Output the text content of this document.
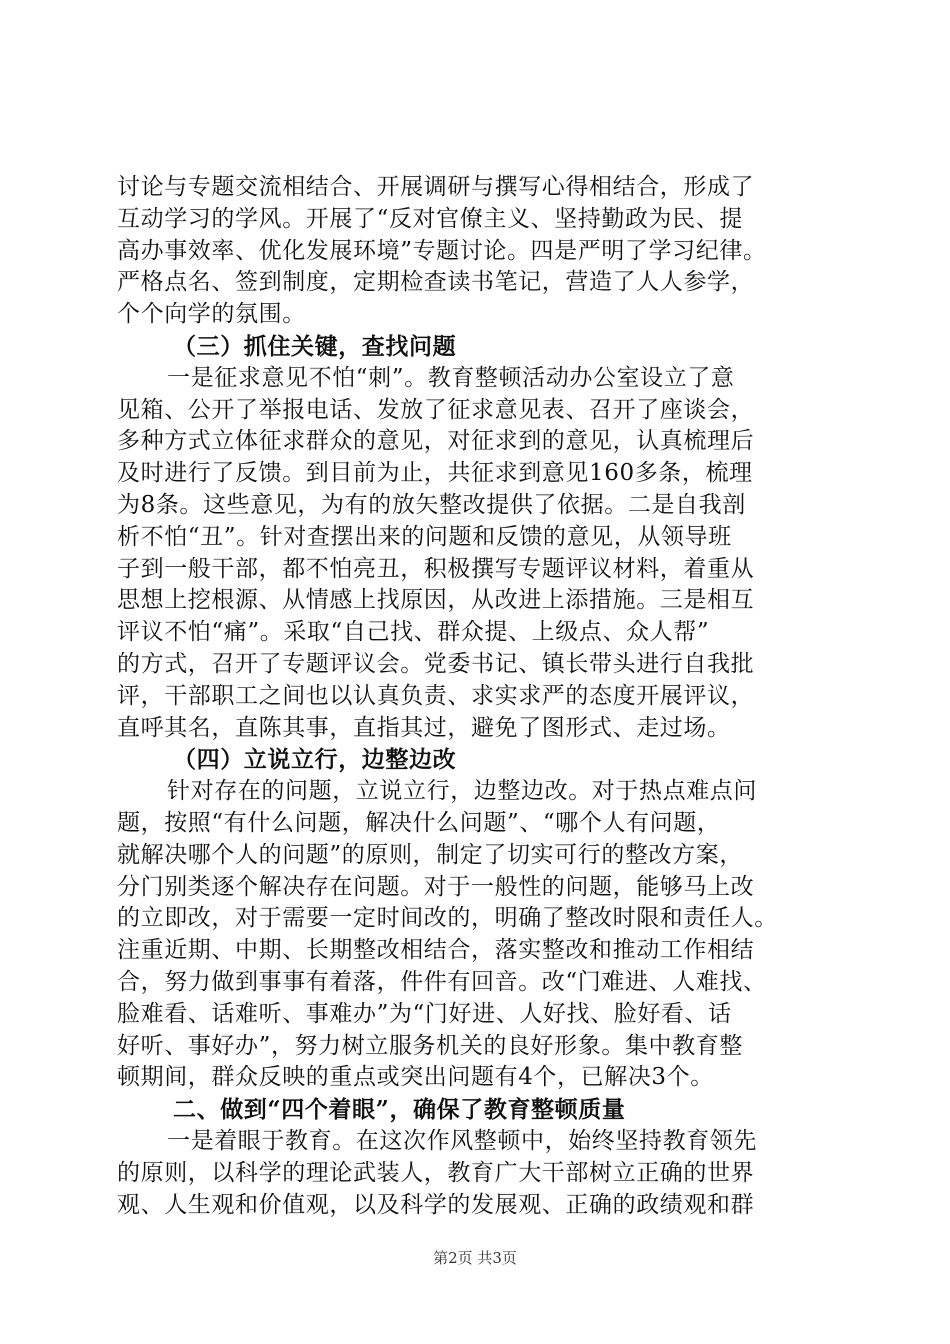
讨论与专题交流相结合、开展调研与撰写心得相结合，形成了
互动学习的学风。开展了“反对官僚主义、坚持勤政为民、提
高办事效率、优化发展环境”专题讨论。四是严明了学习纪律。
严格点名、签到制度，定期检查读书笔记，营造了人人参学，
个个向学的氛围。
（三）抓住关键，查找问题
一是征求意见不怕“刺”。教育整顿活动办公室设立了意
见箱、公开了举报电话、发放了征求意见表、召开了座谈会，
多种方式立体征求群众的意见，对征求到的意见，认真梳理后
及时进行了反馈。到目前为止，共征求到意见160多条，梳理
为8条。这些意见，为有的放矢整改提供了依据。二是自我剖
析不怕“丑”。针对查摆出来的问题和反馈的意见，从领导班
子到一般干部，都不怕亮丑，积极撰写专题评议材料，着重从
思想上挖根源、从情感上找原因，从改进上添措施。三是相互
评议不怕“痛”。采取“自己找、群众提、上级点、众人帮”
的方式，召开了专题评议会。党委书记、镇长带头进行自我批
评，干部职工之间也以认真负责、求实求严的态度开展评议，
直呼其名，直陈其事，直指其过，避免了图形式、走过场。
（四）立说立行，边整边改
针对存在的问题，立说立行，边整边改。对于热点难点问
题，按照“有什么问题，解决什么问题”、“哪个人有问题，
就解决哪个人的问题”的原则，制定了切实可行的整改方案，
分门别类逐个解决存在问题。对于一般性的问题，能够马上改
的立即改，对于需要一定时间改的，明确了整改时限和责任人。
注重近期、中期、长期整改相结合，落实整改和推动工作相结
合，努力做到事事有着落，件件有回音。改“门难进、人难找、
脸难看、话难听、事难办”为“门好进、人好找、脸好看、话
好听、事好办”，努力树立服务机关的良好形象。集中教育整
顿期间，群众反映的重点或突出问题有4个，已解决3个。
二、做到“四个着眼”，确保了教育整顿质量
一是着眼于教育。在这次作风整顿中，始终坚持教育领先
的原则，以科学的理论武装人，教育广大干部树立正确的世界
观、人生观和价值观，以及科学的发展观、正确的政绩观和群
第2页 共3页
